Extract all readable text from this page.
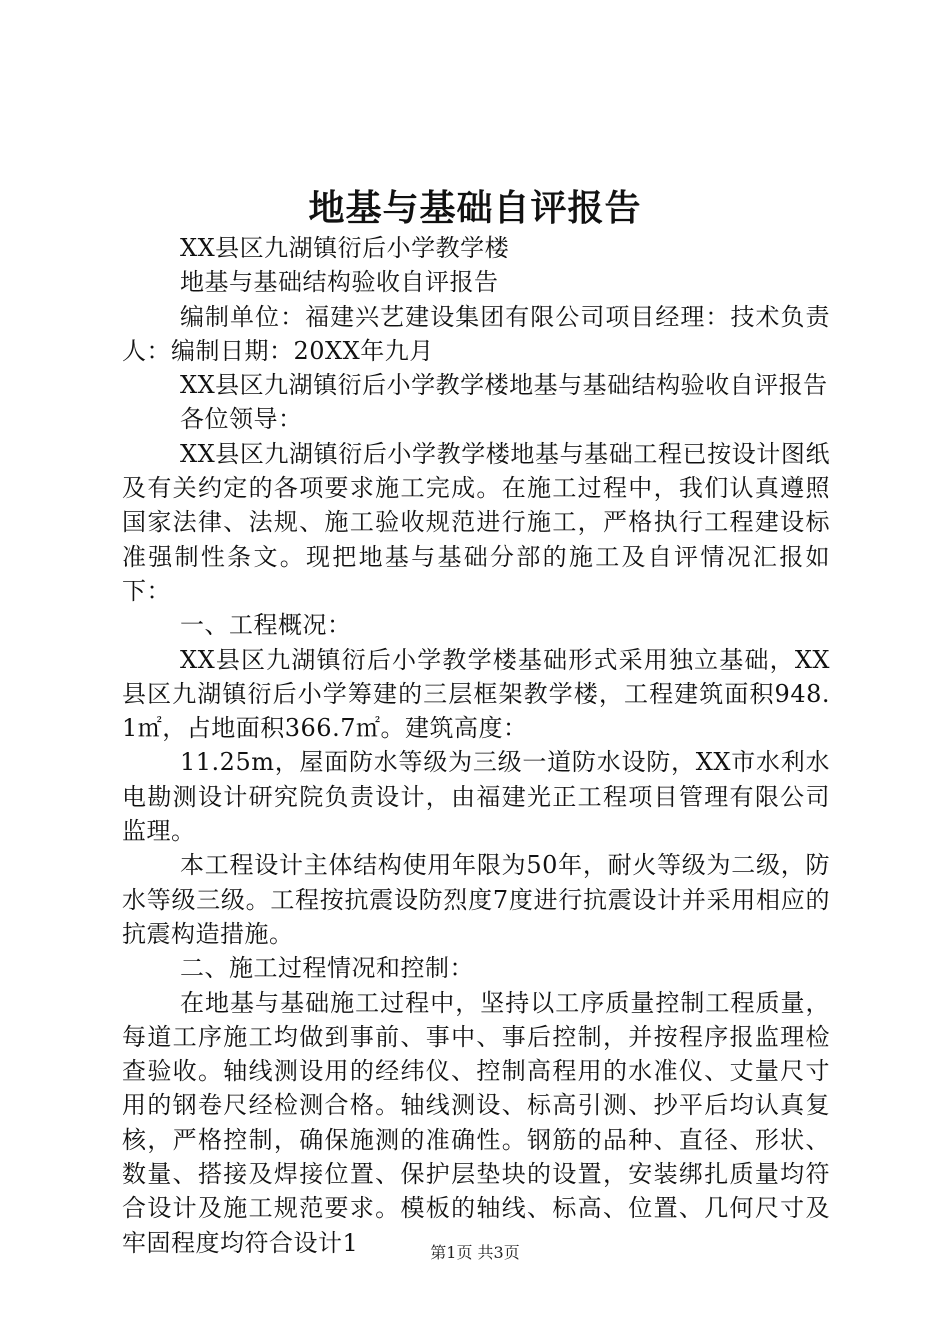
地基与基础自评报告

XX县区九湖镇衍后小学教学楼

地基与基础结构验收自评报告

编制单位：福建兴艺建设集团有限公司项目经理：技术负责人：编制日期：20XX年九月

XX县区九湖镇衍后小学教学楼地基与基础结构验收自评报告

各位领导：

XX县区九湖镇衍后小学教学楼地基与基础工程已按设计图纸及有关约定的各项要求施工完成。在施工过程中，我们认真遵照国家法律、法规、施工验收规范进行施工，严格执行工程建设标准强制性条文。现把地基与基础分部的施工及自评情况汇报如下：

一、工程概况：

XX县区九湖镇衍后小学教学楼基础形式采用独立基础，XX县区九湖镇衍后小学筹建的三层框架教学楼，工程建筑面积948.1㎡，占地面积366.7㎡。建筑高度：

11.25m，屋面防水等级为三级一道防水设防，XX市水利水电勘测设计研究院负责设计，由福建光正工程项目管理有限公司监理。

本工程设计主体结构使用年限为50年，耐火等级为二级，防水等级三级。工程按抗震设防烈度7度进行抗震设计并采用相应的抗震构造措施。

二、施工过程情况和控制：

在地基与基础施工过程中，坚持以工序质量控制工程质量，每道工序施工均做到事前、事中、事后控制，并按程序报监理检查验收。轴线测设用的经纬仪、控制高程用的水准仪、丈量尺寸用的钢卷尺经检测合格。轴线测设、标高引测、抄平后均认真复核，严格控制，确保施测的准确性。钢筋的品种、直径、形状、数量、搭接及焊接位置、保护层垫块的设置，安装绑扎质量均符合设计及施工规范要求。模板的轴线、标高、位置、几何尺寸及牢固程度均符合设计1	第1页 共3页
